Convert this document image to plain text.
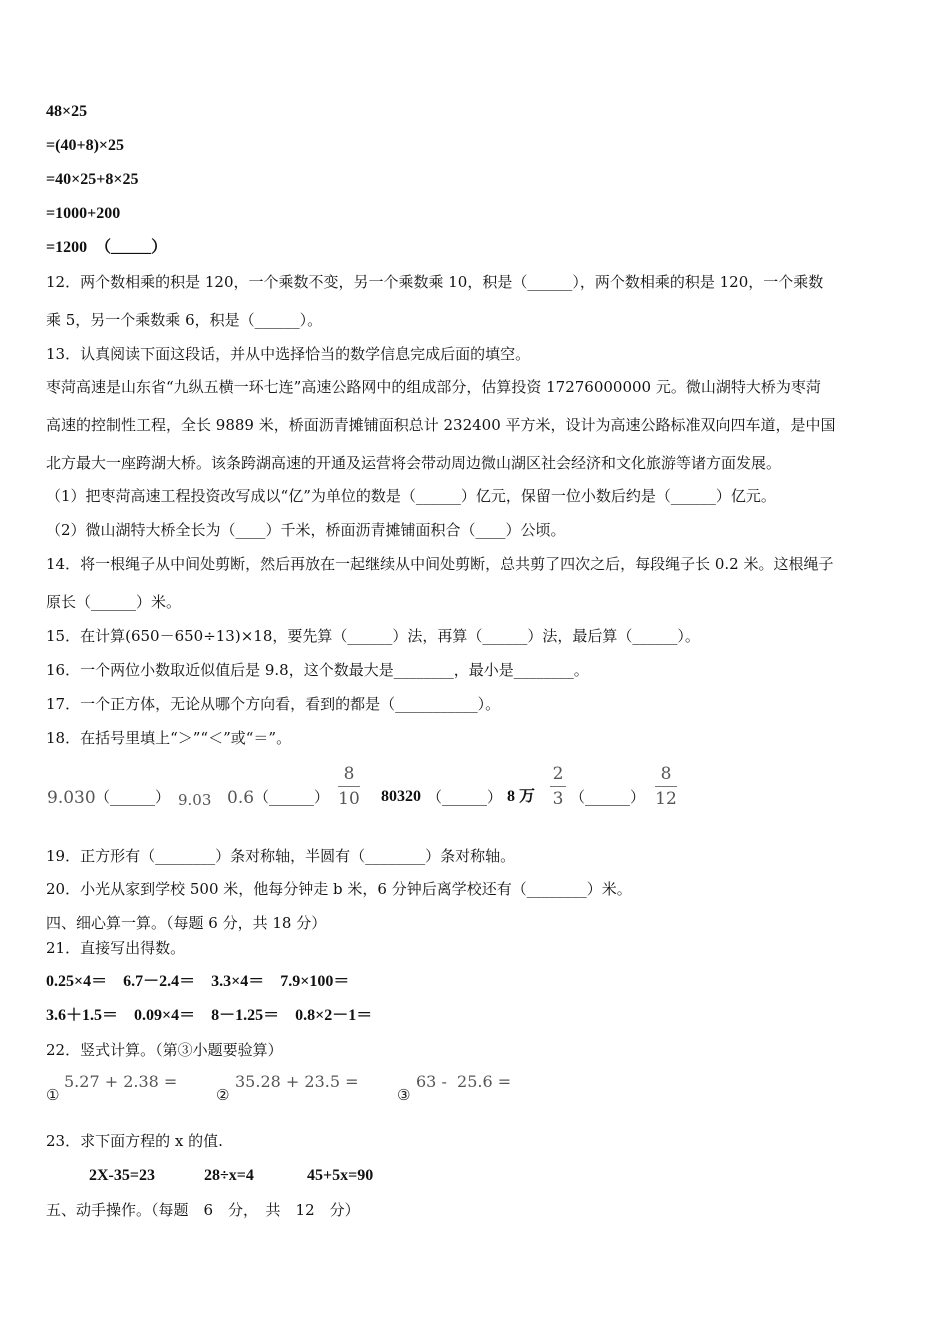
48×25
=(40+8)×25
=40×25+8×25
=1000+200
=1200　（_____）
12．两个数相乘的积是 120，一个乘数不变，另一个乘数乘 10，积是（______），两个数相乘的积是 120，一个乘数
乘 5，另一个乘数乘 6，积是（______）。
13．认真阅读下面这段话，并从中选择恰当的数学信息完成后面的填空。
枣菏高速是山东省“九纵五横一环七连”高速公路网中的组成部分，估算投资 17276000000 元。微山湖特大桥为枣菏
高速的控制性工程，全长 9889 米，桥面沥青摊铺面积总计 232400 平方米，设计为高速公路标准双向四车道，是中国
北方最大一座跨湖大桥。该条跨湖高速的开通及运营将会带动周边微山湖区社会经济和文化旅游等诸方面发展。
（1）把枣菏高速工程投资改写成以“亿”为单位的数是（______）亿元，保留一位小数后约是（______）亿元。
（2）微山湖特大桥全长为（____）千米，桥面沥青摊铺面积合（____）公顷。
14．将一根绳子从中间处剪断，然后再放在一起继续从中间处剪断，总共剪了四次之后，每段绳子长 0.2 米。这根绳子
原长（______）米。
15．在计算(650－650÷13)×18，要先算（______）法，再算（______）法，最后算（______）。
16．一个两位小数取近似值后是 9.8，这个数最大是________，最小是________。
17．一个正方体，无论从哪个方向看，看到的都是（___________）。
18．在括号里填上“＞”“＜”或“＝”。
9.030 （______） 9.03 0.6 （______）
8
10 80320 （______） 8 万
2
3 （______）
8
12
19．正方形有（________）条对称轴，半圆有（________）条对称轴。
20．小光从家到学校 500 米，他每分钟走 b 米，6 分钟后离学校还有（________）米。
四、细心算一算。（每题 6 分，共 18 分）
21．直接写出得数。
0.25×4＝　6.7－2.4＝　3.3×4＝　7.9×100＝
3.6＋1.5＝　0.09×4＝　8－1.25＝　0.8×2－1＝
22．竖式计算。（第③小题要验算）
①
5.27 + 2.38 =
②
35.28 + 23.5 =
③
63 -  25.6 =
23．求下面方程的 x 的值.
2X-35=23	28÷x=4	45+5x=90
五、动手操作。（每题　6　分，　共　12　分）
